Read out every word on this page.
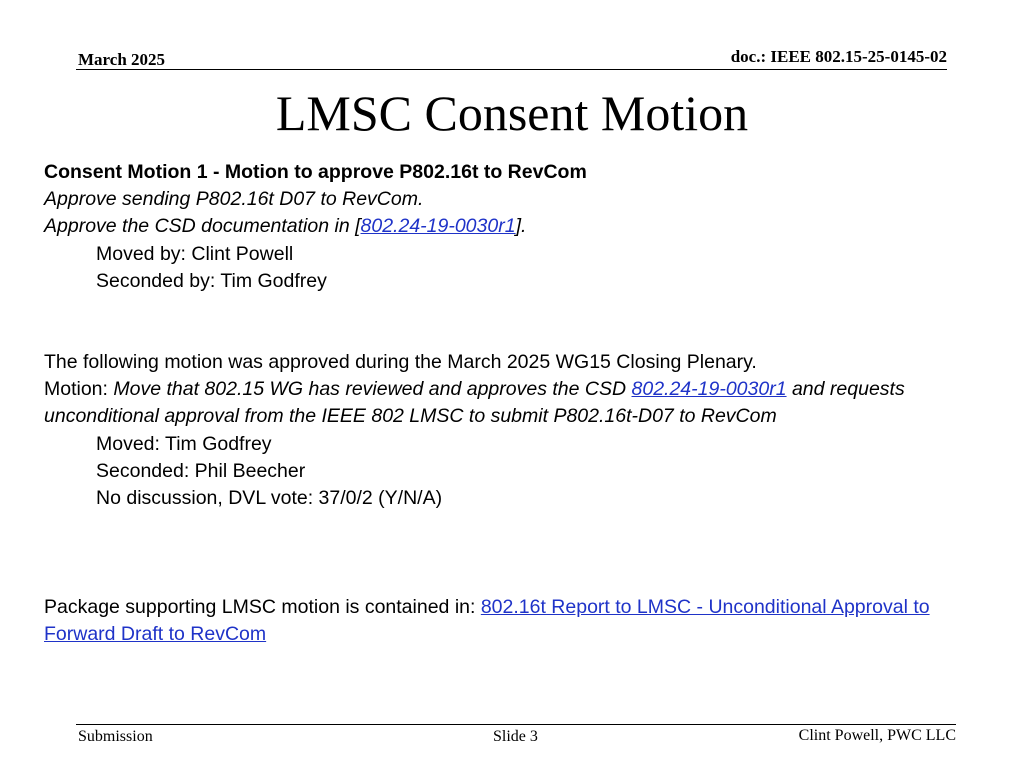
March 2025	doc.: IEEE 802.15-25-0145-02
LMSC Consent Motion
Consent Motion 1 - Motion to approve P802.16t to RevCom
Approve sending P802.16t D07 to RevCom.
Approve the CSD documentation in [802.24-19-0030r1].
Moved by: Clint Powell
Seconded by: Tim Godfrey
The following motion was approved during the March 2025 WG15 Closing Plenary.
Motion: Move that 802.15 WG has reviewed and approves the CSD 802.24-19-0030r1 and requests unconditional approval from the IEEE 802 LMSC to submit P802.16t-D07 to RevCom
Moved: Tim Godfrey
Seconded: Phil Beecher
No discussion, DVL vote: 37/0/2 (Y/N/A)
Package supporting LMSC motion is contained in: 802.16t Report to LMSC - Unconditional Approval to Forward Draft to RevCom
Submission	Slide 3	Clint Powell, PWC LLC
